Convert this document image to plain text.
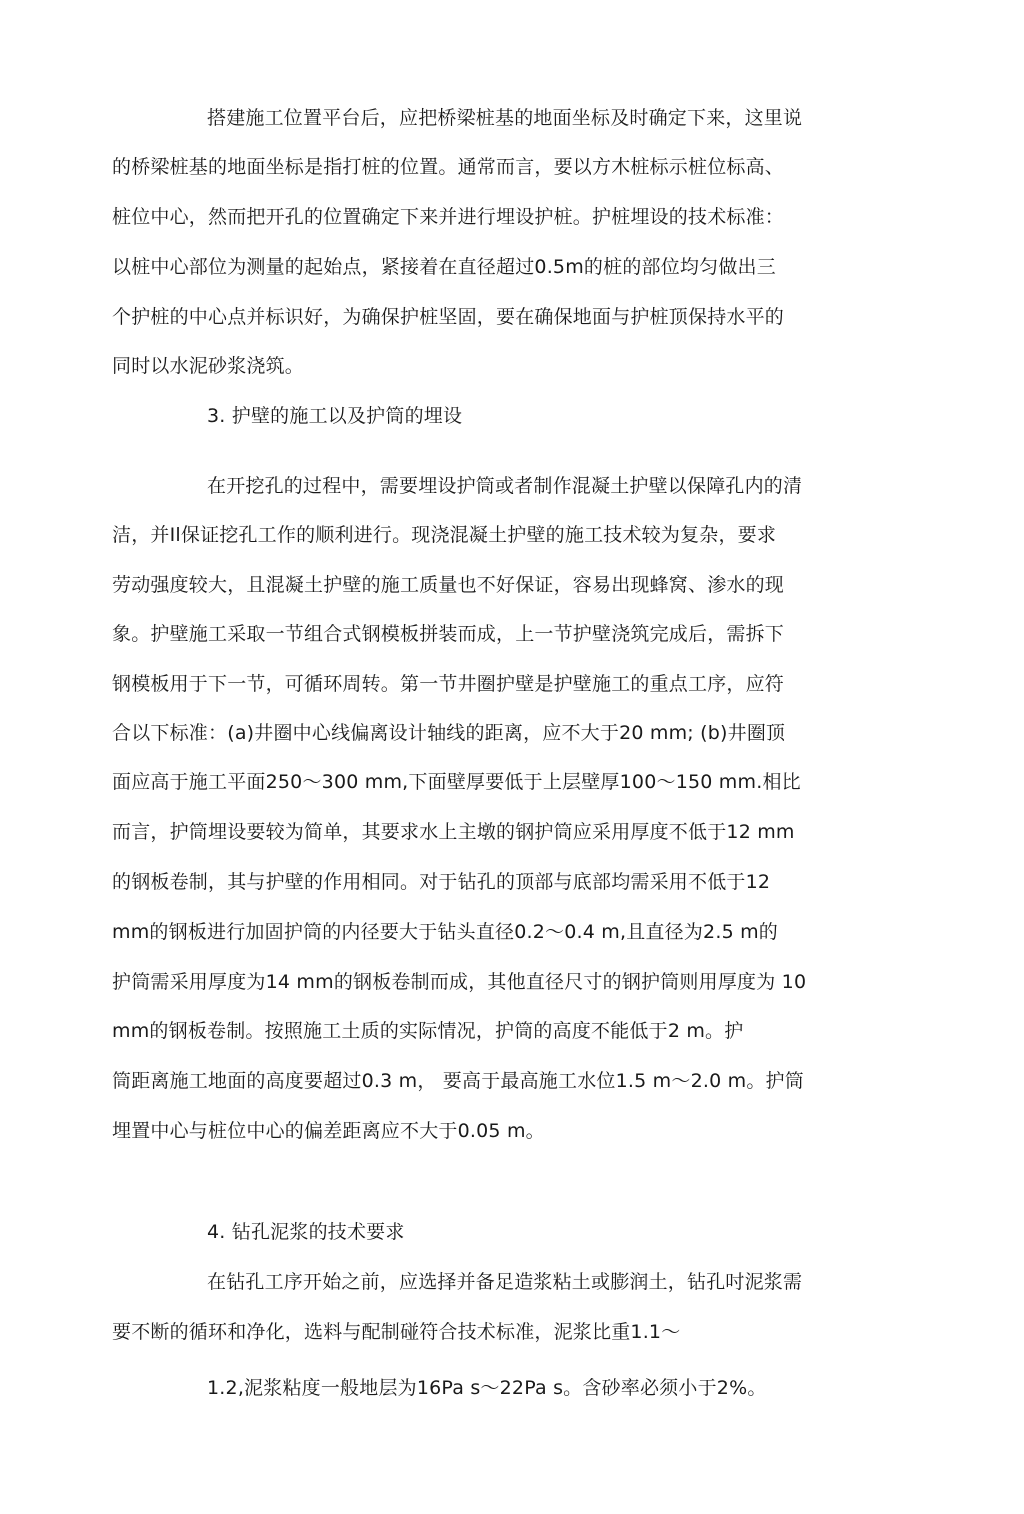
搭建施工位置平台后，应把桥梁桩基的地面坐标及时确定下来，这里说
的桥梁桩基的地面坐标是指打桩的位置。通常而言，要以方木桩标示桩位标高、
桩位中心，然而把开孔的位置确定下来并进行埋设护桩。护桩埋设的技术标准：
以桩中心部位为测量的起始点，紧接着在直径超过0.5m的桩的部位均匀做出三
个护桩的中心点并标识好，为确保护桩坚固，要在确保地面与护桩顶保持水平的
同时以水泥砂浆浇筑。
3. 护壁的施工以及护筒的埋设
在开挖孔的过程中，需要埋设护筒或者制作混凝土护壁以保障孔内的清
洁，并Il保证挖孔工作的顺利进行。现浇混凝土护壁的施工技术较为复杂，要求
劳动强度较大，且混凝土护壁的施工质量也不好保证，容易出现蜂窝、渗水的现
象。护壁施工采取一节组合式钢模板拼装而成，上一节护壁浇筑完成后，需拆下
钢模板用于下一节，可循环周转。第一节井圈护壁是护壁施工的重点工序，应符
合以下标准：(a)井圈中心线偏离设计轴线的距离，应不大于20 mm; (b)井圈顶
面应高于施工平面250～300 mm,下面壁厚要低于上层壁厚100～150 mm.相比
而言，护筒埋设要较为简单，其要求水上主墩的钢护筒应采用厚度不低于12 mm
的钢板卷制，其与护壁的作用相同。对于钻孔的顶部与底部均需采用不低于12
mm的钢板进行加固护筒的内径要大于钻头直径0.2～0.4 m,且直径为2.5 m的
护筒需采用厚度为14 mm的钢板卷制而成，其他直径尺寸的钢护筒则用厚度为 10
mm的钢板卷制。按照施工土质的实际情况，护筒的高度不能低于2 m。护
筒距离施工地面的高度要超过0.3 m， 要高于最高施工水位1.5 m～2.0 m。护筒
埋置中心与桩位中心的偏差距离应不大于0.05 m。
4. 钻孔泥浆的技术要求
在钻孔工序开始之前，应选择并备足造浆粘土或膨润土，钻孔吋泥浆需
要不断的循环和净化，选料与配制碰符合技术标准，泥浆比重1.1～
1.2,泥浆粘度一般地层为16Pa s～22Pa s。含砂率必须小于2%。
